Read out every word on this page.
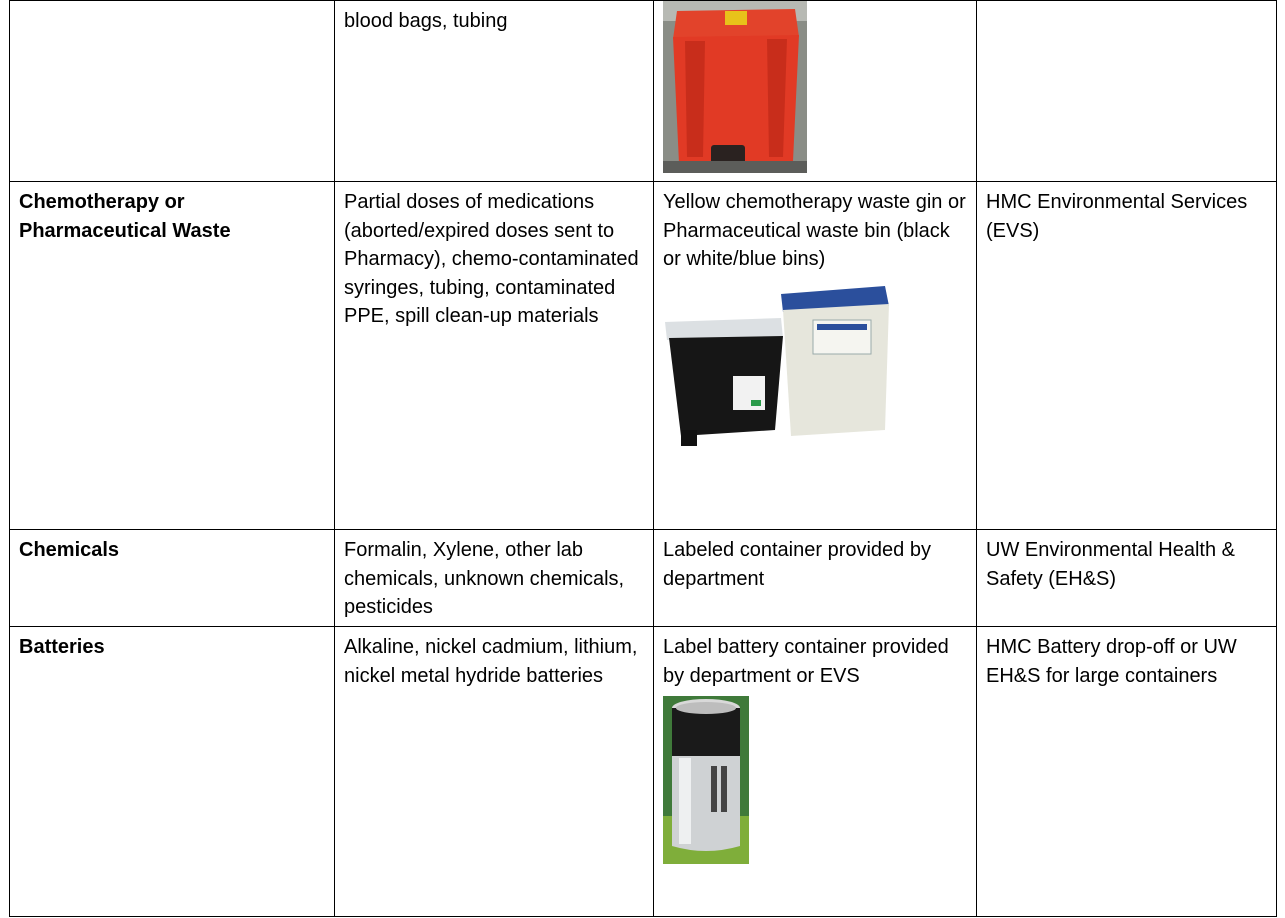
	blood bags, tubing	

Chemotherapy or Pharmaceutical Waste	Partial doses of medications (aborted/expired doses sent to Pharmacy), chemo-contaminated syringes, tubing, contaminated PPE, spill clean-up materials	Yellow chemotherapy waste gin or Pharmaceutical waste bin (black or white/blue bins)	HMC Environmental Services (EVS)
Chemicals	Formalin, Xylene, other lab chemicals, unknown chemicals, pesticides	Labeled container provided by department	UW Environmental Health & Safety (EH&S)
Batteries	Alkaline, nickel cadmium, lithium, nickel metal hydride batteries	Label battery container provided by department or EVS	HMC Battery drop-off or UW EH&S for large containers
